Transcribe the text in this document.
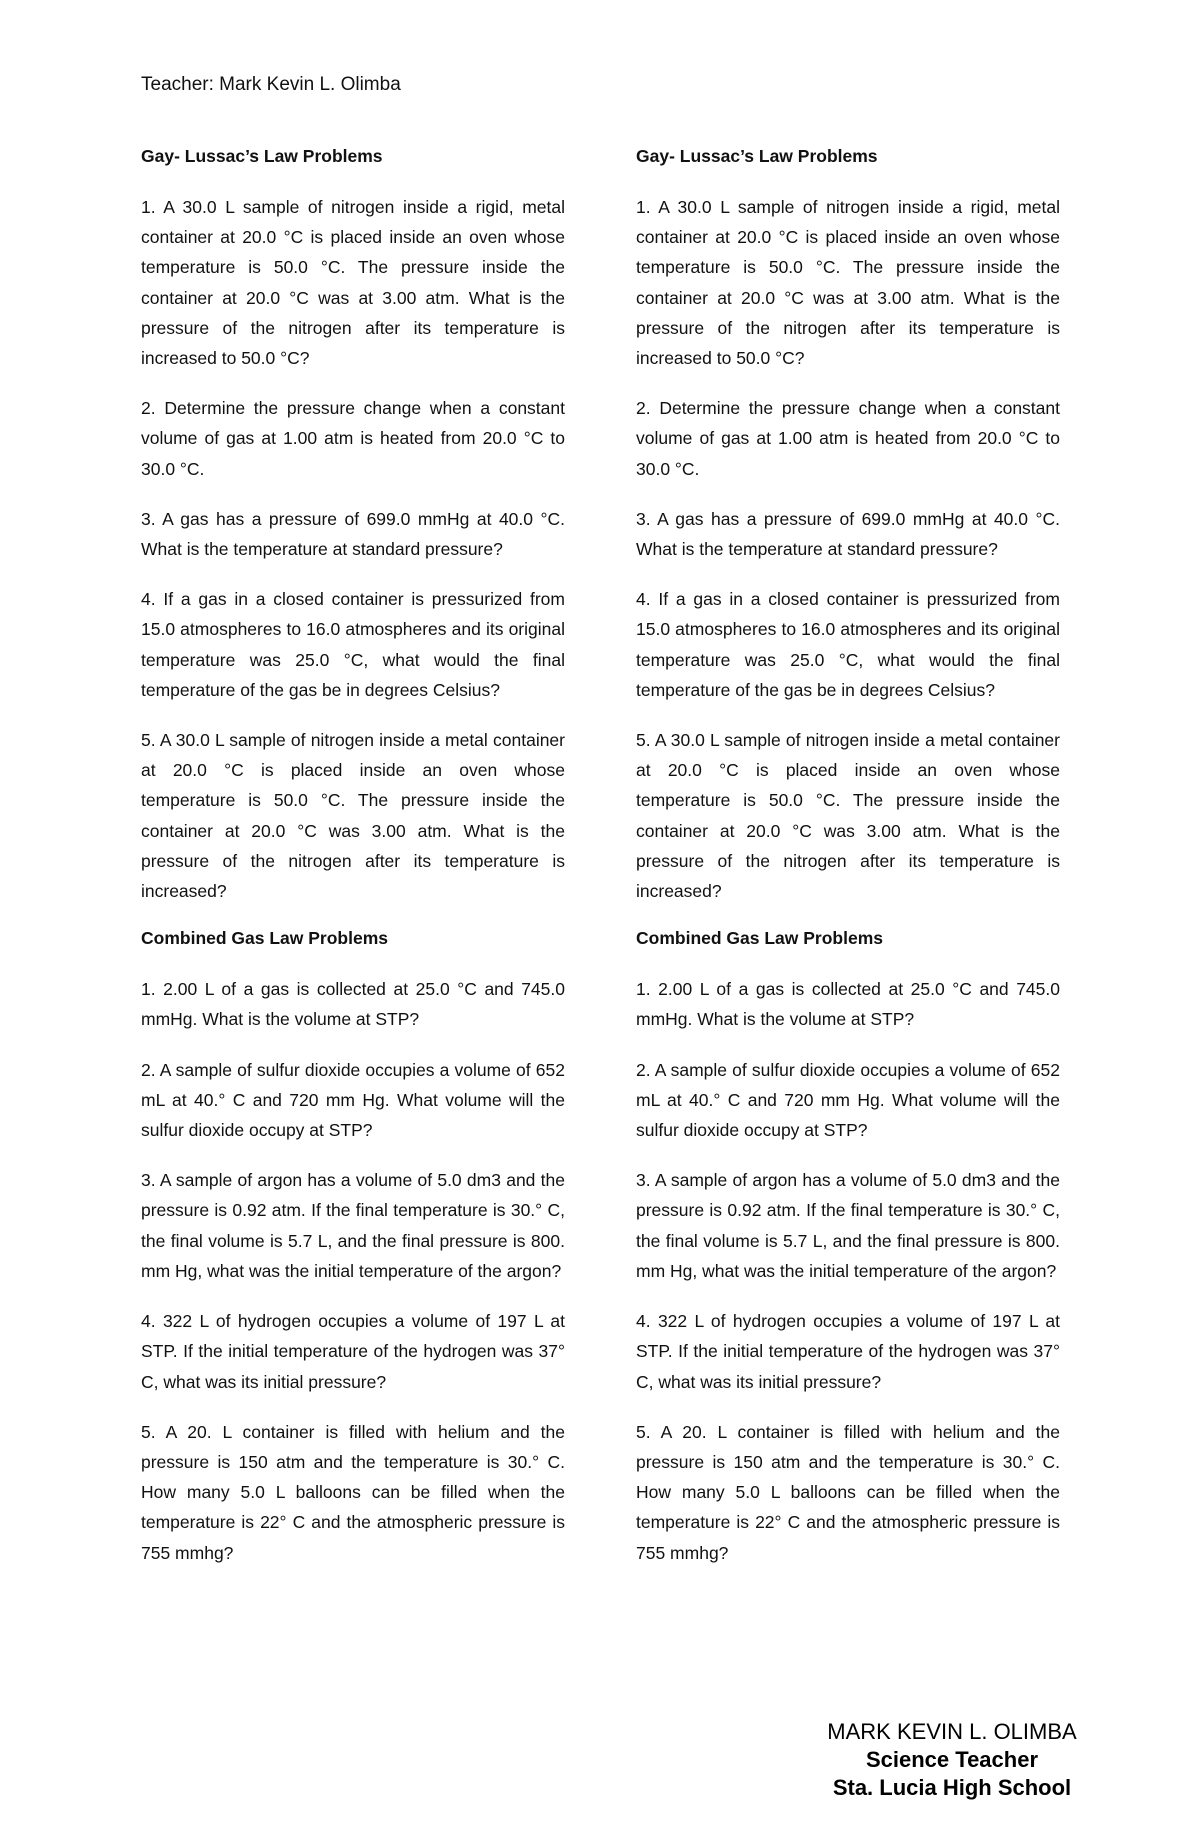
Teacher: Mark Kevin L. Olimba
Gay- Lussac’s Law Problems
1. A 30.0 L sample of nitrogen inside a rigid, metal container at 20.0 °C is placed inside an oven whose temperature is 50.0 °C. The pressure inside the container at 20.0 °C was at 3.00 atm. What is the pressure of the nitrogen after its temperature is increased to 50.0 °C?
2. Determine the pressure change when a constant volume of gas at 1.00 atm is heated from 20.0 °C to 30.0 °C.
3. A gas has a pressure of 699.0 mmHg at 40.0 °C. What is the temperature at standard pressure?
4. If a gas in a closed container is pressurized from 15.0 atmospheres to 16.0 atmospheres and its original temperature was 25.0 °C, what would the final temperature of the gas be in degrees Celsius?
5. A 30.0 L sample of nitrogen inside a metal container at 20.0 °C is placed inside an oven whose temperature is 50.0 °C. The pressure inside the container at 20.0 °C was 3.00 atm. What is the pressure of the nitrogen after its temperature is increased?
Combined Gas Law Problems
1. 2.00 L of a gas is collected at 25.0 °C and 745.0 mmHg. What is the volume at STP?
2. A sample of sulfur dioxide occupies a volume of 652 mL at 40.° C and 720 mm Hg. What volume will the sulfur dioxide occupy at STP?
3. A sample of argon has a volume of 5.0 dm3 and the pressure is 0.92 atm. If the final temperature is 30.° C, the final volume is 5.7 L, and the final pressure is 800. mm Hg, what was the initial temperature of the argon?
4. 322 L of hydrogen occupies a volume of 197 L at STP. If the initial temperature of the hydrogen was 37° C, what was its initial pressure?
5. A 20. L container is filled with helium and the pressure is 150 atm and the temperature is 30.° C. How many 5.0 L balloons can be filled when the temperature is 22° C and the atmospheric pressure is 755 mmhg?
Gay- Lussac’s Law Problems
1. A 30.0 L sample of nitrogen inside a rigid, metal container at 20.0 °C is placed inside an oven whose temperature is 50.0 °C. The pressure inside the container at 20.0 °C was at 3.00 atm. What is the pressure of the nitrogen after its temperature is increased to 50.0 °C?
2. Determine the pressure change when a constant volume of gas at 1.00 atm is heated from 20.0 °C to 30.0 °C.
3. A gas has a pressure of 699.0 mmHg at 40.0 °C. What is the temperature at standard pressure?
4. If a gas in a closed container is pressurized from 15.0 atmospheres to 16.0 atmospheres and its original temperature was 25.0 °C, what would the final temperature of the gas be in degrees Celsius?
5. A 30.0 L sample of nitrogen inside a metal container at 20.0 °C is placed inside an oven whose temperature is 50.0 °C. The pressure inside the container at 20.0 °C was 3.00 atm. What is the pressure of the nitrogen after its temperature is increased?
Combined Gas Law Problems
1. 2.00 L of a gas is collected at 25.0 °C and 745.0 mmHg. What is the volume at STP?
2. A sample of sulfur dioxide occupies a volume of 652 mL at 40.° C and 720 mm Hg. What volume will the sulfur dioxide occupy at STP?
3. A sample of argon has a volume of 5.0 dm3 and the pressure is 0.92 atm. If the final temperature is 30.° C, the final volume is 5.7 L, and the final pressure is 800. mm Hg, what was the initial temperature of the argon?
4. 322 L of hydrogen occupies a volume of 197 L at STP. If the initial temperature of the hydrogen was 37° C, what was its initial pressure?
5. A 20. L container is filled with helium and the pressure is 150 atm and the temperature is 30.° C. How many 5.0 L balloons can be filled when the temperature is 22° C and the atmospheric pressure is 755 mmhg?
MARK KEVIN L. OLIMBA
Science Teacher
Sta. Lucia High School
